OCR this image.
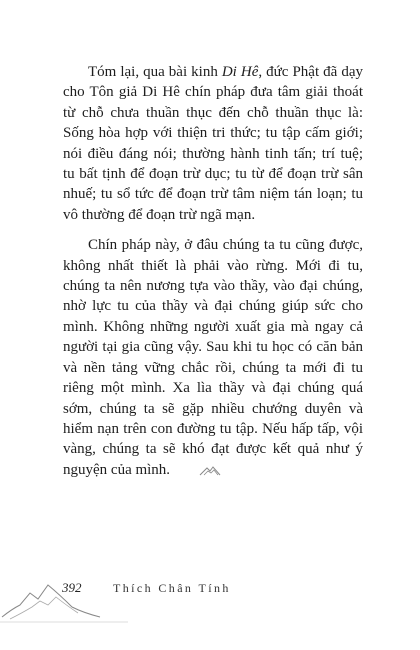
Tóm lại, qua bài kinh Di Hê, đức Phật đã dạy cho Tôn giả Di Hê chín pháp đưa tâm giải thoát từ chỗ chưa thuần thục đến chỗ thuần thục là: Sống hòa hợp với thiện tri thức; tu tập cấm giới; nói điều đáng nói; thường hành tinh tấn; trí tuệ; tu bất tịnh để đoạn trừ dục; tu từ để đoạn trừ sân nhuế; tu sổ tức để đoạn trừ tâm niệm tán loạn; tu vô thường để đoạn trừ ngã mạn.

Chín pháp này, ở đâu chúng ta tu cũng được, không nhất thiết là phải vào rừng. Mới đi tu, chúng ta nên nương tựa vào thầy, vào đại chúng, nhờ lực tu của thầy và đại chúng giúp sức cho mình. Không những người xuất gia mà ngay cả người tại gia cũng vậy. Sau khi tu học có căn bản và nền tảng vững chắc rồi, chúng ta mới đi tu riêng một mình. Xa lìa thầy và đại chúng quá sớm, chúng ta sẽ gặp nhiều chướng duyên và hiểm nạn trên con đường tu tập. Nếu hấp tấp, vội vàng, chúng ta sẽ khó đạt được kết quả như ý nguyện của mình.

392	Thích Chân Tính
